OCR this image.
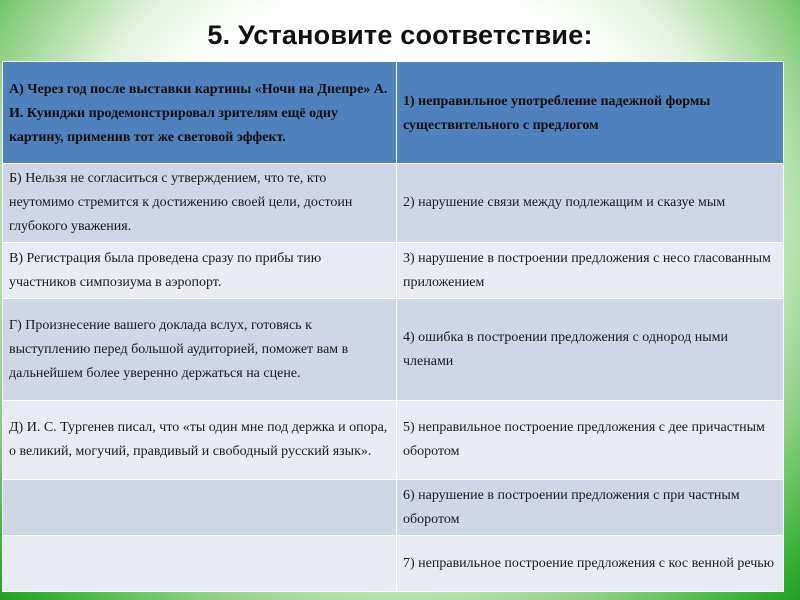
5. Установите соответствие:
А) Через год после выставки картины «Ночи на Днепре» А. И. Куинджи продемонстрировал зрителям ещё одну картину, применив тот же световой эффект.	1) неправильное употребление падежной формы существительного с предлогом
Б) Нельзя не согласиться с утверждением, что те, кто неутомимо стремится к достижению своей цели, достоин глубокого уважения.	2) нарушение связи между подлежащим и сказуе мым
В) Регистрация была проведена сразу по прибы тию участников симпозиума в аэропорт.	3) нарушение в построении предложения с несо гласованным приложением
Г) Произнесение вашего доклада вслух, готовясь к выступлению перед большой аудиторией, поможет вам в дальнейшем более уверенно держаться на сцене.	4) ошибка в построении предложения с однород ными членами
Д) И. С. Тургенев писал, что «ты один мне под держка и опора, о великий, могучий, правдивый и свободный русский язык».	5) неправильное построение предложения с дее причастным оборотом
	6) нарушение в построении предложения с при частным оборотом
	7) неправильное построение предложения с кос венной речью
